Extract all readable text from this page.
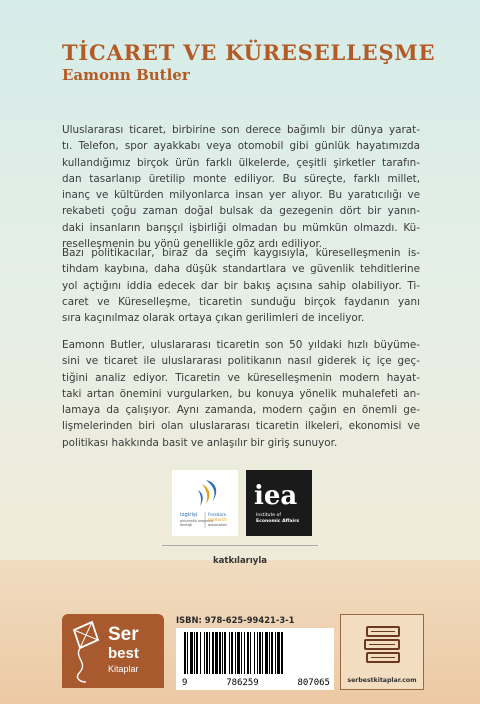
TİCARET VE KÜRESELLEŞME
Eamonn Butler
Uluslararası ticaret, birbirine son derece bağımlı bir dünya yarat-
tı. Telefon, spor ayakkabı veya otomobil gibi günlük hayatımızda
kullandığımız birçok ürün farklı ülkelerde, çeşitli şirketler tarafın-
dan tasarlanıp üretilip monte ediliyor. Bu süreçte, farklı millet,
inanç ve kültürden milyonlarca insan yer alıyor. Bu yaratıcılığı ve
rekabeti çoğu zaman doğal bulsak da gezegenin dört bir yanın-
daki insanların barışçıl işbirliği olmadan bu mümkün olmazdı. Kü-
reselleşmenin bu yönü genellikle göz ardı ediliyor.
Bazı politikacılar, biraz da seçim kaygısıyla, küreselleşmenin is-
tihdam kaybına, daha düşük standartlara ve güvenlik tehditlerine
yol açtığını iddia edecek dar bir bakış açısına sahip olabiliyor. Ti-
caret ve Küreselleşme, ticaretin sunduğu birçok faydanın yanı
sıra kaçınılmaz olarak ortaya çıkan gerilimleri de inceliyor.
Eamonn Butler, uluslararası ticaretin son 50 yıldaki hızlı büyüme-
sini ve ticaret ile uluslararası politikanın nasıl giderek iç içe geç-
tiğini analiz ediyor. Ticaretin ve küreselleşmenin modern hayat-
taki artan önemini vurgularken, bu konuya yönelik muhalefeti an-
lamaya da çalışıyor. Aynı zamanda, modern çağın en önemli ge-
lişmelerinden biri olan uluslararası ticaretin ilkeleri, ekonomisi ve
politikası hakkında basit ve anlaşılır bir giriş sunuyor.
izgirişi
girişimcilik araştırma
derneği
freedom
research
association
iea
Institute of
Economic Affairs
katkılarıyla
Ser
best
Kitaplar
ISBN: 978-625-99421-3-1
9	786259	807065	serbestkitaplar.com
